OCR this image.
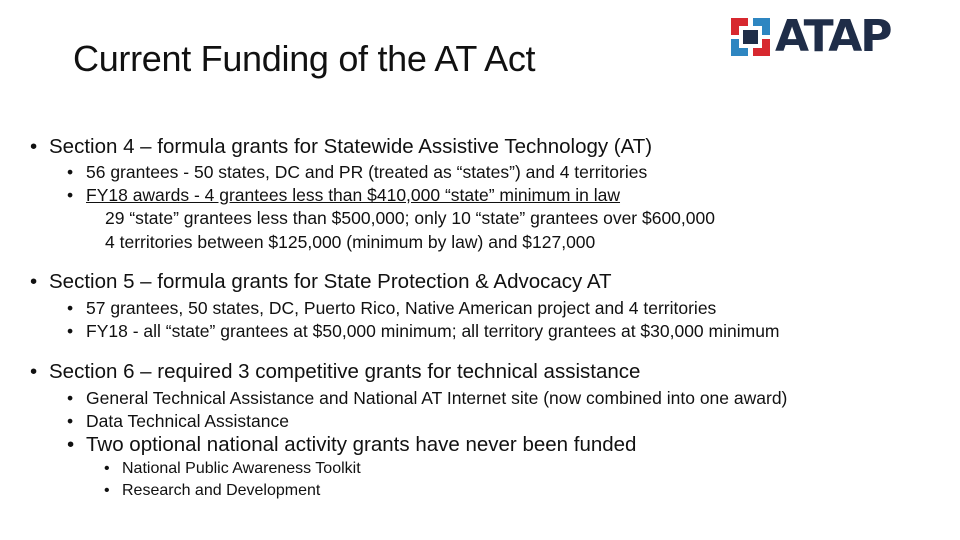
Current Funding of the AT Act	ATAP
• Section 4 – formula grants for Statewide Assistive Technology (AT)
• 56 grantees - 50 states, DC and PR (treated as “states”) and 4 territories
• FY18 awards - 4 grantees less than $410,000 “state” minimum in law
29 “state” grantees less than $500,000; only 10 “state” grantees over $600,000
4 territories between $125,000 (minimum by law) and $127,000
• Section 5 – formula grants for State Protection & Advocacy AT
• 57 grantees, 50 states, DC, Puerto Rico, Native American project and 4 territories
• FY18 - all “state” grantees at $50,000 minimum; all territory grantees at $30,000 minimum
• Section 6 – required 3 competitive grants for technical assistance
• General Technical Assistance and National AT Internet site (now combined into one award)
• Data Technical Assistance
• Two optional national activity grants have never been funded
• National Public Awareness Toolkit
• Research and Development
